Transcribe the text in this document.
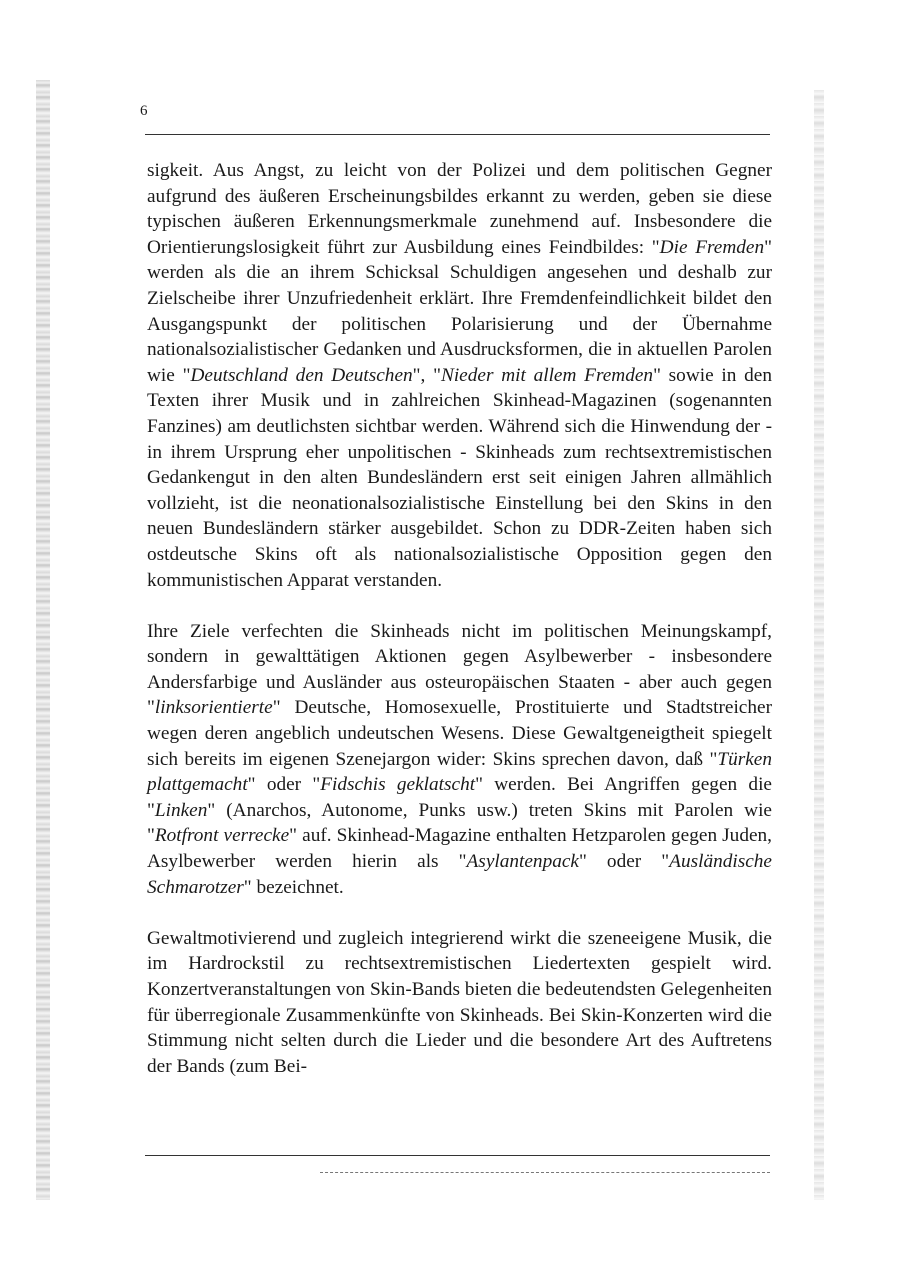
6

sigkeit. Aus Angst, zu leicht von der Polizei und dem politischen Gegner aufgrund des äußeren Erscheinungsbildes erkannt zu werden, geben sie diese typischen äußeren Erkennungsmerkmale zunehmend auf. Insbesondere die Orientierungslosigkeit führt zur Ausbildung eines Feindbildes: "Die Fremden" werden als die an ihrem Schicksal Schuldigen angesehen und deshalb zur Zielscheibe ihrer Unzufriedenheit erklärt. Ihre Fremdenfeindlichkeit bildet den Ausgangspunkt der politischen Polarisierung und der Übernahme nationalsozialistischer Gedanken und Ausdrucksformen, die in aktuellen Parolen wie "Deutschland den Deutschen", "Nieder mit allem Fremden" sowie in den Texten ihrer Musik und in zahlreichen Skinhead-Magazinen (sogenannten Fanzines) am deutlichsten sichtbar werden. Während sich die Hinwendung der - in ihrem Ursprung eher unpolitischen - Skinheads zum rechtsextremistischen Gedankengut in den alten Bundesländern erst seit einigen Jahren allmählich vollzieht, ist die neonationalsozialistische Einstellung bei den Skins in den neuen Bundesländern stärker ausgebildet. Schon zu DDR-Zeiten haben sich ostdeutsche Skins oft als nationalsozialistische Opposition gegen den kommunistischen Apparat verstanden.

Ihre Ziele verfechten die Skinheads nicht im politischen Meinungskampf, sondern in gewalttätigen Aktionen gegen Asylbewerber - insbesondere Andersfarbige und Ausländer aus osteuropäischen Staaten - aber auch gegen "linksorientierte" Deutsche, Homosexuelle, Prostituierte und Stadtstreicher wegen deren angeblich undeutschen Wesens. Diese Gewaltgeneigtheit spiegelt sich bereits im eigenen Szenejargon wider: Skins sprechen davon, daß "Türken plattgemacht" oder "Fidschis geklatscht" werden. Bei Angriffen gegen die "Linken" (Anarchos, Autonome, Punks usw.) treten Skins mit Parolen wie "Rotfront verrecke" auf. Skinhead-Magazine enthalten Hetzparolen gegen Juden, Asylbewerber werden hierin als "Asylantenpack" oder "Ausländische Schmarotzer" bezeichnet.

Gewaltmotivierend und zugleich integrierend wirkt die szeneeigene Musik, die im Hardrockstil zu rechtsextremistischen Liedertexten gespielt wird. Konzertveranstaltungen von Skin-Bands bieten die bedeutendsten Gelegenheiten für überregionale Zusammenkünfte von Skinheads. Bei Skin-Konzerten wird die Stimmung nicht selten durch die Lieder und die besondere Art des Auftretens der Bands (zum Bei-
